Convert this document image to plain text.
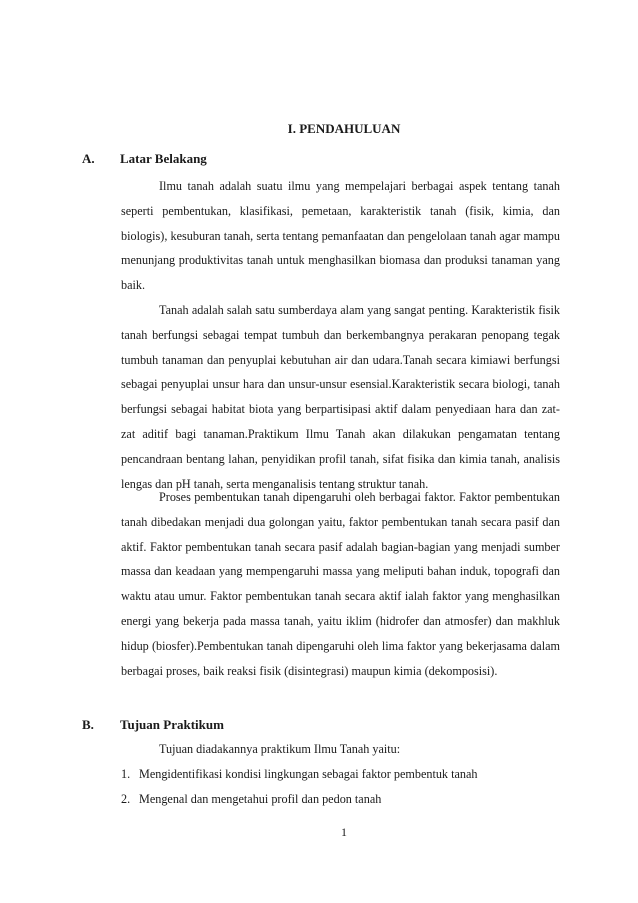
I. PENDAHULUAN
A. Latar Belakang

Ilmu tanah adalah suatu ilmu yang mempelajari berbagai aspek tentang tanah seperti pembentukan, klasifikasi, pemetaan, karakteristik tanah (fisik, kimia, dan biologis), kesuburan tanah, serta tentang pemanfaatan dan pengelolaan tanah agar mampu menunjang produktivitas tanah untuk menghasilkan biomasa dan produksi tanaman yang baik.

Tanah adalah salah satu sumberdaya alam yang sangat penting. Karakteristik fisik tanah berfungsi sebagai tempat tumbuh dan berkembangnya perakaran penopang tegak tumbuh tanaman dan penyuplai kebutuhan air dan udara.Tanah secara kimiawi berfungsi sebagai penyuplai unsur hara dan unsur-unsur esensial.Karakteristik secara biologi, tanah berfungsi sebagai habitat biota yang berpartisipasi aktif dalam penyediaan hara dan zat-zat aditif bagi tanaman.Praktikum Ilmu Tanah akan dilakukan pengamatan tentang pencandraan bentang lahan, penyidikan profil tanah, sifat fisika dan kimia tanah, analisis lengas dan pH tanah, serta menganalisis tentang struktur tanah.

Proses pembentukan tanah dipengaruhi oleh berbagai faktor. Faktor pembentukan tanah dibedakan menjadi dua golongan yaitu, faktor pembentukan tanah secara pasif dan aktif. Faktor pembentukan tanah secara pasif adalah bagian-bagian yang menjadi sumber massa dan keadaan yang mempengaruhi massa yang meliputi bahan induk, topografi dan waktu atau umur. Faktor pembentukan tanah secara aktif ialah faktor yang menghasilkan energi yang bekerja pada massa tanah, yaitu iklim (hidrofer dan atmosfer) dan makhluk hidup (biosfer).Pembentukan tanah dipengaruhi oleh lima faktor yang bekerjasama dalam berbagai proses, baik reaksi fisik (disintegrasi) maupun kimia (dekomposisi).

B. Tujuan Praktikum

Tujuan diadakannya praktikum Ilmu Tanah yaitu:

1. Mengidentifikasi kondisi lingkungan sebagai faktor pembentuk tanah
2. Mengenal dan mengetahui profil dan pedon tanah
1
